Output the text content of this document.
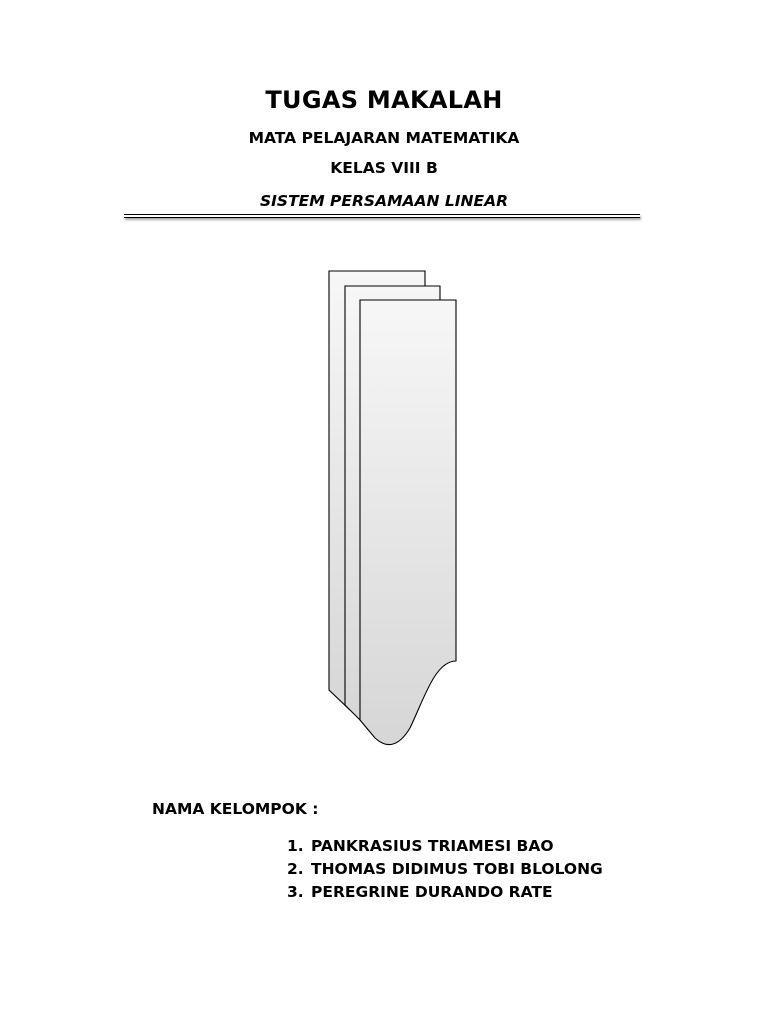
TUGAS MAKALAH
MATA PELAJARAN MATEMATIKA
KELAS VIII B
SISTEM PERSAMAAN LINEAR
NAMA KELOMPOK :
1. PANKRASIUS TRIAMESI BAO
2. THOMAS DIDIMUS TOBI BLOLONG
3. PEREGRINE DURANDO RATE
